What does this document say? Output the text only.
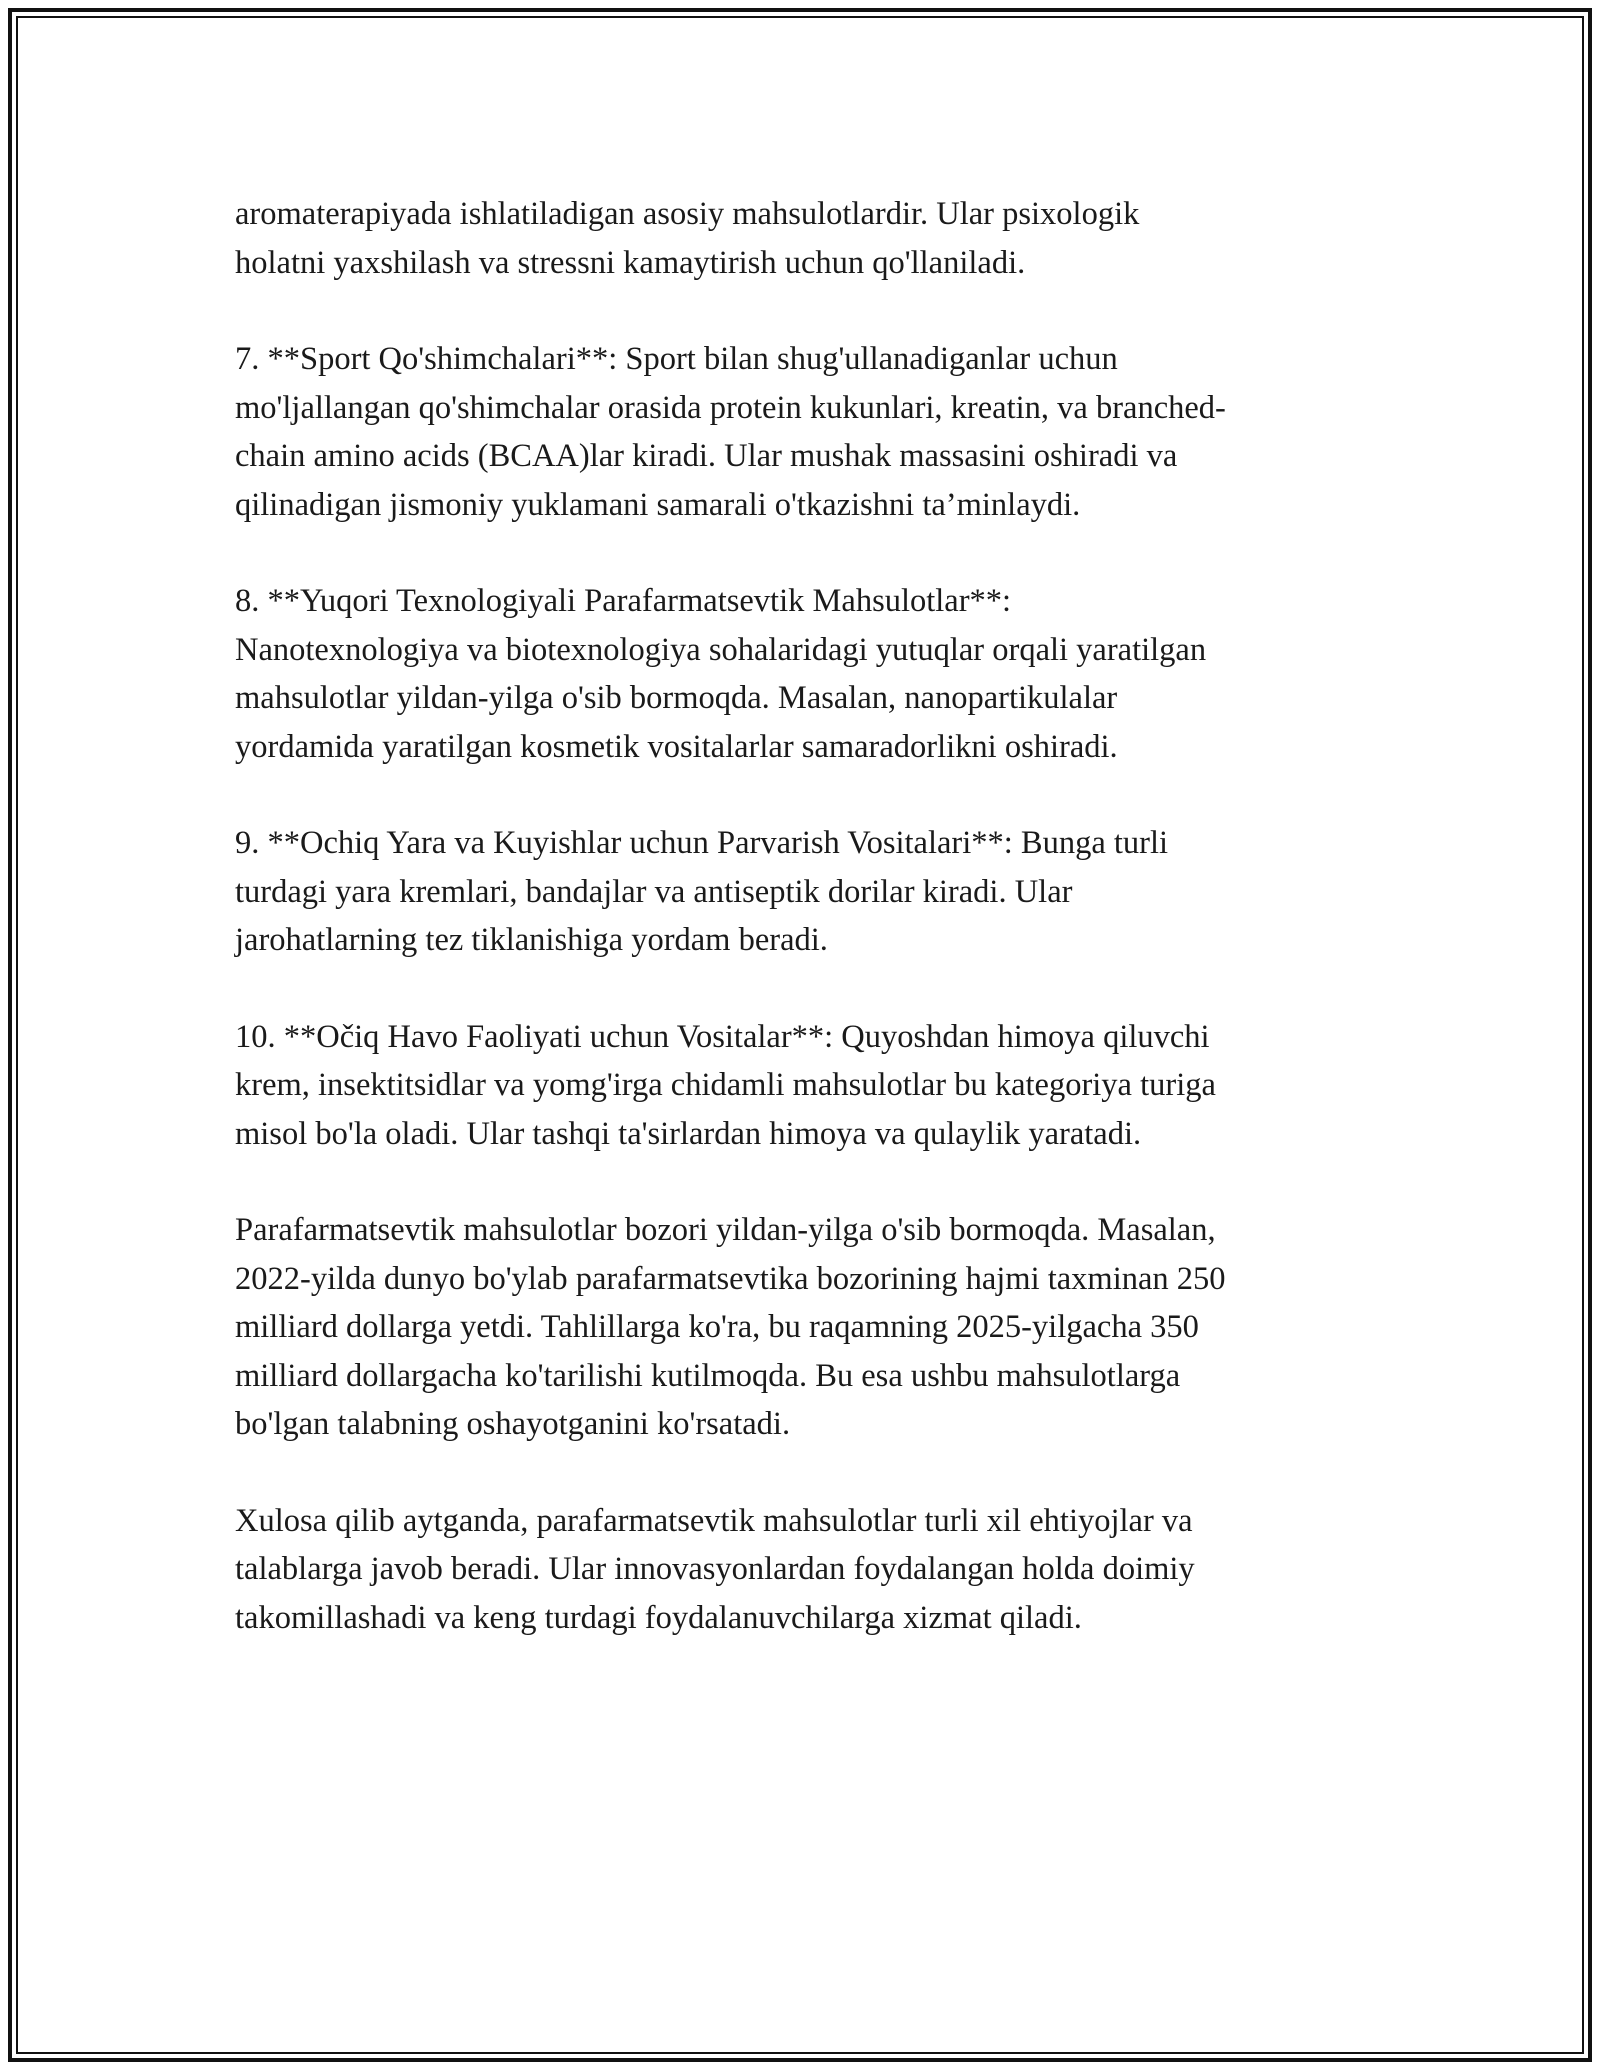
aromaterapiyada ishlatiladigan asosiy mahsulotlardir. Ular psixologik
holatni yaxshilash va stressni kamaytirish uchun qo'llaniladi.

7. **Sport Qo'shimchalari**: Sport bilan shug'ullanadiganlar uchun
mo'ljallangan qo'shimchalar orasida protein kukunlari, kreatin, va branched-
chain amino acids (BCAA)lar kiradi. Ular mushak massasini oshiradi va
qilinadigan jismoniy yuklamani samarali o'tkazishni ta’minlaydi.

8. **Yuqori Texnologiyali Parafarmatsevtik Mahsulotlar**:
Nanotexnologiya va biotexnologiya sohalaridagi yutuqlar orqali yaratilgan
mahsulotlar yildan-yilga o'sib bormoqda. Masalan, nanopartikulalar
yordamida yaratilgan kosmetik vositalarlar samaradorlikni oshiradi.

9. **Ochiq Yara va Kuyishlar uchun Parvarish Vositalari**: Bunga turli
turdagi yara kremlari, bandajlar va antiseptik dorilar kiradi. Ular
jarohatlarning tez tiklanishiga yordam beradi.

10. **Očiq Havo Faoliyati uchun Vositalar**: Quyoshdan himoya qiluvchi
krem, insektitsidlar va yomg'irga chidamli mahsulotlar bu kategoriya turiga
misol bo'la oladi. Ular tashqi ta'sirlardan himoya va qulaylik yaratadi.

Parafarmatsevtik mahsulotlar bozori yildan-yilga o'sib bormoqda. Masalan,
2022-yilda dunyo bo'ylab parafarmatsevtika bozorining hajmi taxminan 250
milliard dollarga yetdi. Tahlillarga ko'ra, bu raqamning 2025-yilgacha 350
milliard dollargacha ko'tarilishi kutilmoqda. Bu esa ushbu mahsulotlarga
bo'lgan talabning oshayotganini ko'rsatadi.

Xulosa qilib aytganda, parafarmatsevtik mahsulotlar turli xil ehtiyojlar va
talablarga javob beradi. Ular innovasyonlardan foydalangan holda doimiy
takomillashadi va keng turdagi foydalanuvchilarga xizmat qiladi.
